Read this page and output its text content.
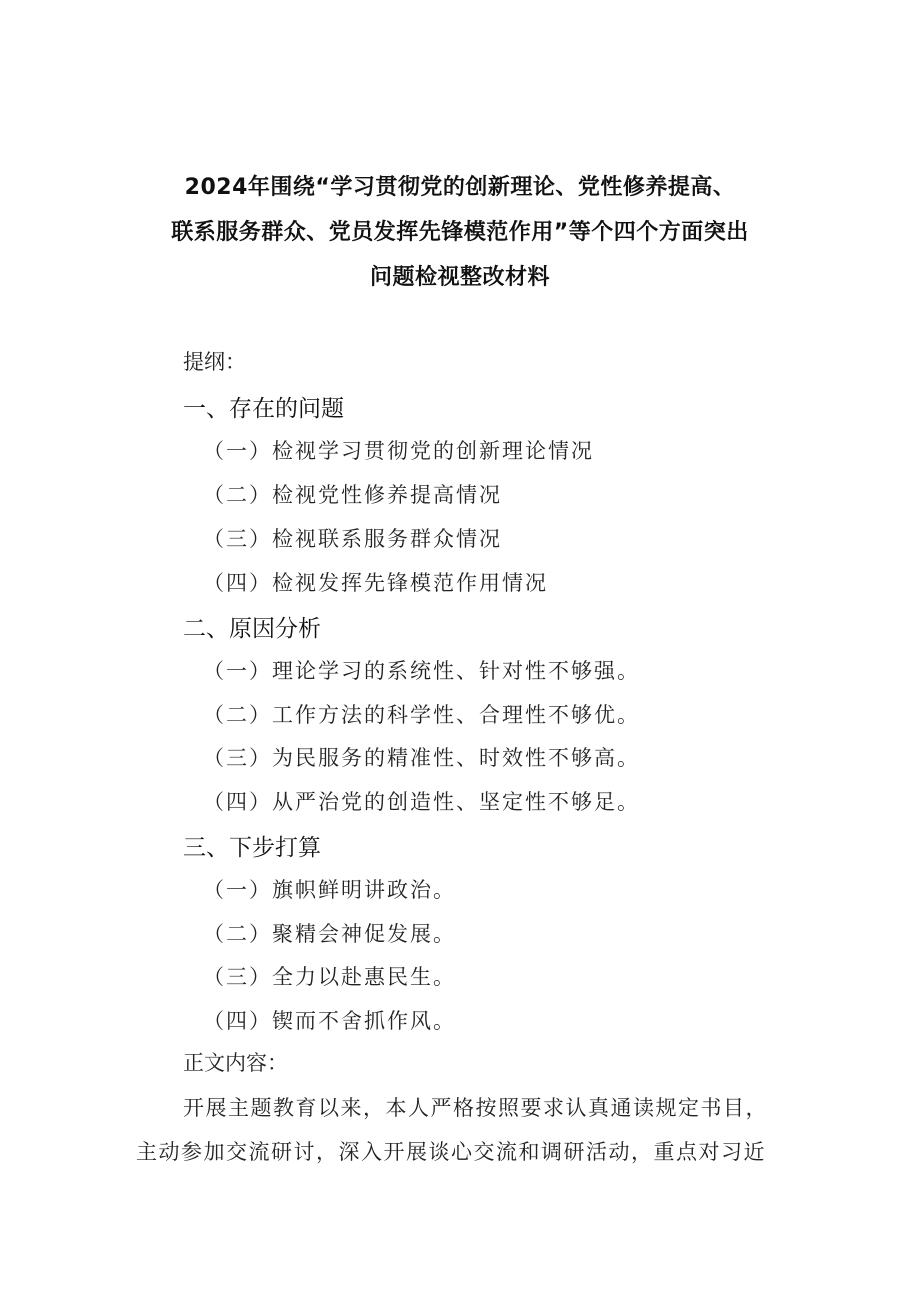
2024年围绕“学习贯彻党的创新理论、党性修养提高、
联系服务群众、党员发挥先锋模范作用”等个四个方面突出
问题检视整改材料
提纲：
一、存在的问题
（一）检视学习贯彻党的创新理论情况
（二）检视党性修养提高情况
（三）检视联系服务群众情况
（四）检视发挥先锋模范作用情况
二、原因分析
（一）理论学习的系统性、针对性不够强。
（二）工作方法的科学性、合理性不够优。
（三）为民服务的精准性、时效性不够高。
（四）从严治党的创造性、坚定性不够足。
三、下步打算
（一）旗帜鲜明讲政治。
（二）聚精会神促发展。
（三）全力以赴惠民生。
（四）锲而不舍抓作风。
正文内容：
开展主题教育以来，本人严格按照要求认真通读规定书目，
主动参加交流研讨，深入开展谈心交流和调研活动，重点对习近
